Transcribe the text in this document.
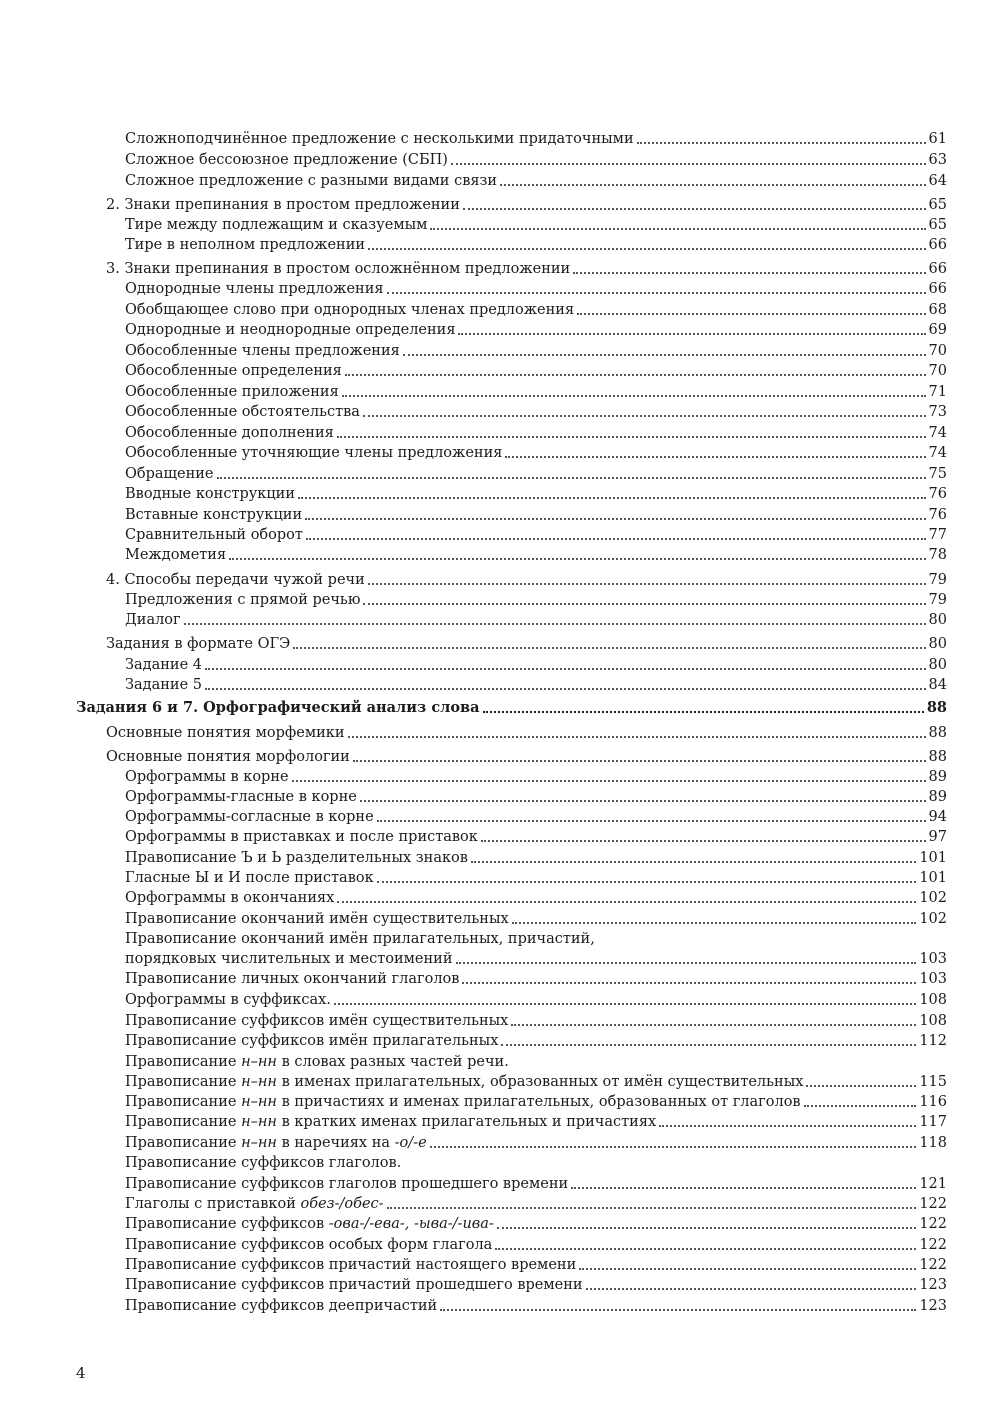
Сложноподчинённое предложение с несколькими придаточными	61
Сложное бессоюзное предложение (СБП)	63
Сложное предложение с разными видами связи	64
2. Знаки препинания в простом предложении	65
Тире между подлежащим и сказуемым	65
Тире в неполном предложении	66
3. Знаки препинания в простом осложнённом предложении	66
Однородные члены предложения	66
Обобщающее слово при однородных членах предложения	68
Однородные и неоднородные определения	69
Обособленные члены предложения	70
Обособленные определения	70
Обособленные приложения	71
Обособленные обстоятельства	73
Обособленные дополнения	74
Обособленные уточняющие члены предложения	74
Обращение	75
Вводные конструкции	76
Вставные конструкции	76
Сравнительный оборот	77
Междометия	78
4. Способы передачи чужой речи	79
Предложения с прямой речью	79
Диалог	80
Задания в формате ОГЭ	80
Задание 4	80
Задание 5	84
Задания 6 и 7. Орфографический анализ слова	88
Основные понятия морфемики	88
Основные понятия морфологии	88
Орфограммы в корне	89
Орфограммы-гласные в корне	89
Орфограммы-согласные в корне	94
Орфограммы в приставках и после приставок	97
Правописание Ъ и Ь разделительных знаков	101
Гласные Ы и И после приставок	101
Орфограммы в окончаниях	102
Правописание окончаний имён существительных	102
Правописание окончаний имён прилагательных, причастий,
порядковых числительных и местоимений	103
Правописание личных окончаний глаголов	103
Орфограммы в суффиксах.	108
Правописание суффиксов имён существительных	108
Правописание суффиксов имён прилагательных	112
Правописание н–нн в словах разных частей речи.
Правописание н–нн в именах прилагательных, образованных от имён существительных	115
Правописание н–нн в причастиях и именах прилагательных, образованных от глаголов	116
Правописание н–нн в кратких именах прилагательных и причастиях	117
Правописание н–нн в наречиях на -о/-е	118
Правописание суффиксов глаголов.
Правописание суффиксов глаголов прошедшего времени	121
Глаголы с приставкой обез-/обес-	122
Правописание суффиксов -ова-/-ева-, -ыва-/-ива-	122
Правописание суффиксов особых форм глагола	122
Правописание суффиксов причастий настоящего времени	122
Правописание суффиксов причастий прошедшего времени	123
Правописание суффиксов деепричастий	123
4
